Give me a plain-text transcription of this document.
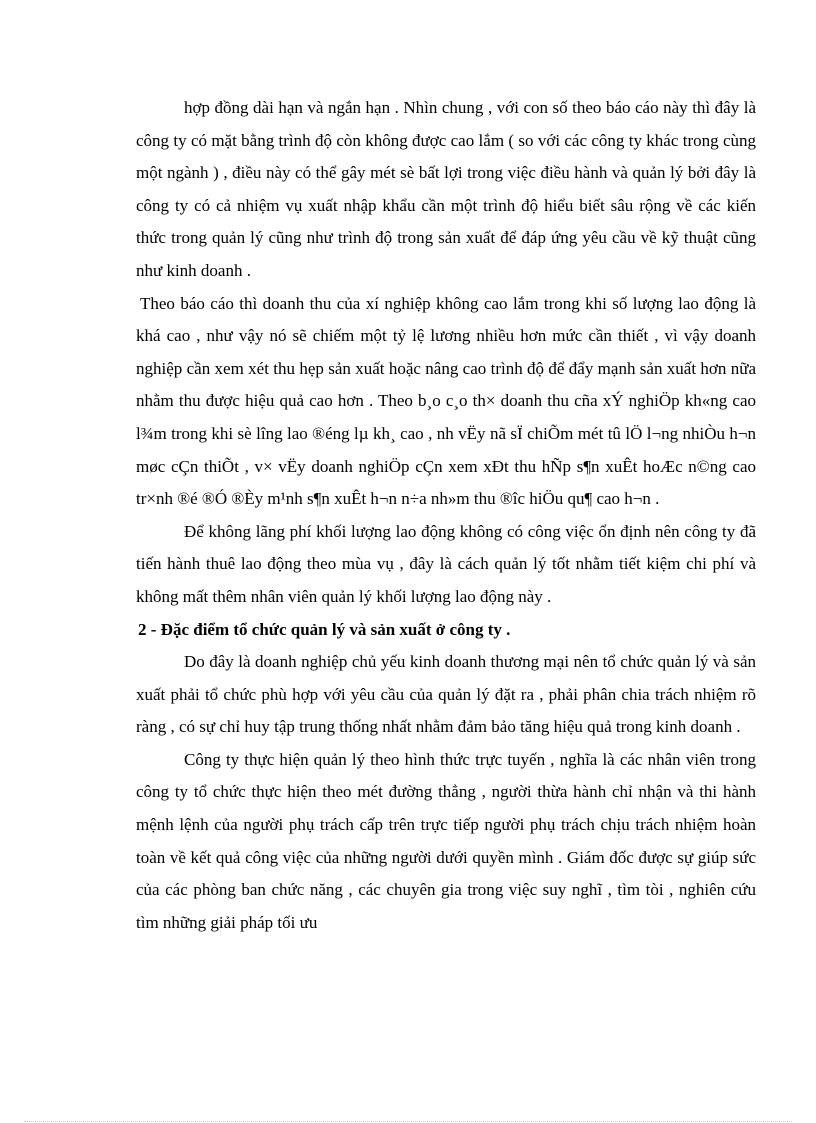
hợp đồng dài hạn và ngắn hạn . Nhìn chung , với con số theo báo cáo này thì đây là công ty có mặt bằng trình độ còn không được cao lắm ( so với các công ty khác trong cùng một ngành ) , điều này có thể gây mét sè bất lợi trong việc điều hành và quản lý bởi đây là công ty có cả nhiệm vụ xuất nhập khẩu cần một trình độ hiểu biết sâu rộng về các kiến thức trong quản lý cũng như trình độ trong sản xuất để đáp ứng yêu cầu về kỹ thuật cũng như kinh doanh .

Theo báo cáo thì doanh thu của xí nghiệp không cao lắm trong khi số lượng lao động là khá cao , như vậy nó sẽ chiếm một tỷ lệ lương nhiều hơn mức cần thiết , vì vậy doanh nghiệp cần xem xét thu hẹp sản xuất hoặc nâng cao trình độ để đẩy mạnh sản xuất hơn nữa nhằm thu được hiệu quả cao hơn . Theo b¸o c¸o th× doanh thu cña xÝ nghiÖp kh«ng cao l¾m trong khi sè lîng lao ®éng lµ kh¸ cao , nh vËy nã sÏ chiÕm mét tû lÖ l¬ng nhiÒu h¬n møc cÇn thiÕt , v× vËy doanh nghiÖp cÇn xem xÐt thu hÑp s¶n xuÊt hoÆc n©ng cao tr×nh ®é ®Ó ®Èy m¹nh s¶n xuÊt h¬n n÷a nh»m thu ®îc hiÖu qu¶ cao h¬n .

Để không lãng phí khối lượng lao động không có công việc ổn định nên công ty đã tiến hành thuê lao động theo mùa vụ , đây là cách quản lý tốt nhằm tiết kiệm chi phí và không mất thêm nhân viên quản lý khối lượng lao động này .

2 - Đặc điểm tổ chức quản lý và sản xuất ở công ty .

Do đây là doanh nghiệp chủ yếu kinh doanh thương mại nên tổ chức quản lý và sản xuất phải tổ chức phù hợp với yêu cầu của quản lý đặt ra , phải phân chia trách nhiệm rõ ràng , có sự chỉ huy tập trung thống nhất nhằm đảm bảo tăng hiệu quả trong kinh doanh .

Công ty thực hiện quản lý theo hình thức trực tuyến , nghĩa là các nhân viên trong công ty tổ chức thực hiện theo mét đường thẳng , người thừa hành chỉ nhận và thi hành mệnh lệnh của người phụ trách cấp trên trực tiếp người phụ trách chịu trách nhiệm hoàn toàn về kết quả công việc của những người dưới quyền mình . Giám đốc được sự giúp sức của các phòng ban chức năng , các chuyên gia trong việc suy nghĩ , tìm tòi , nghiên cứu tìm những giải pháp tối ưu
